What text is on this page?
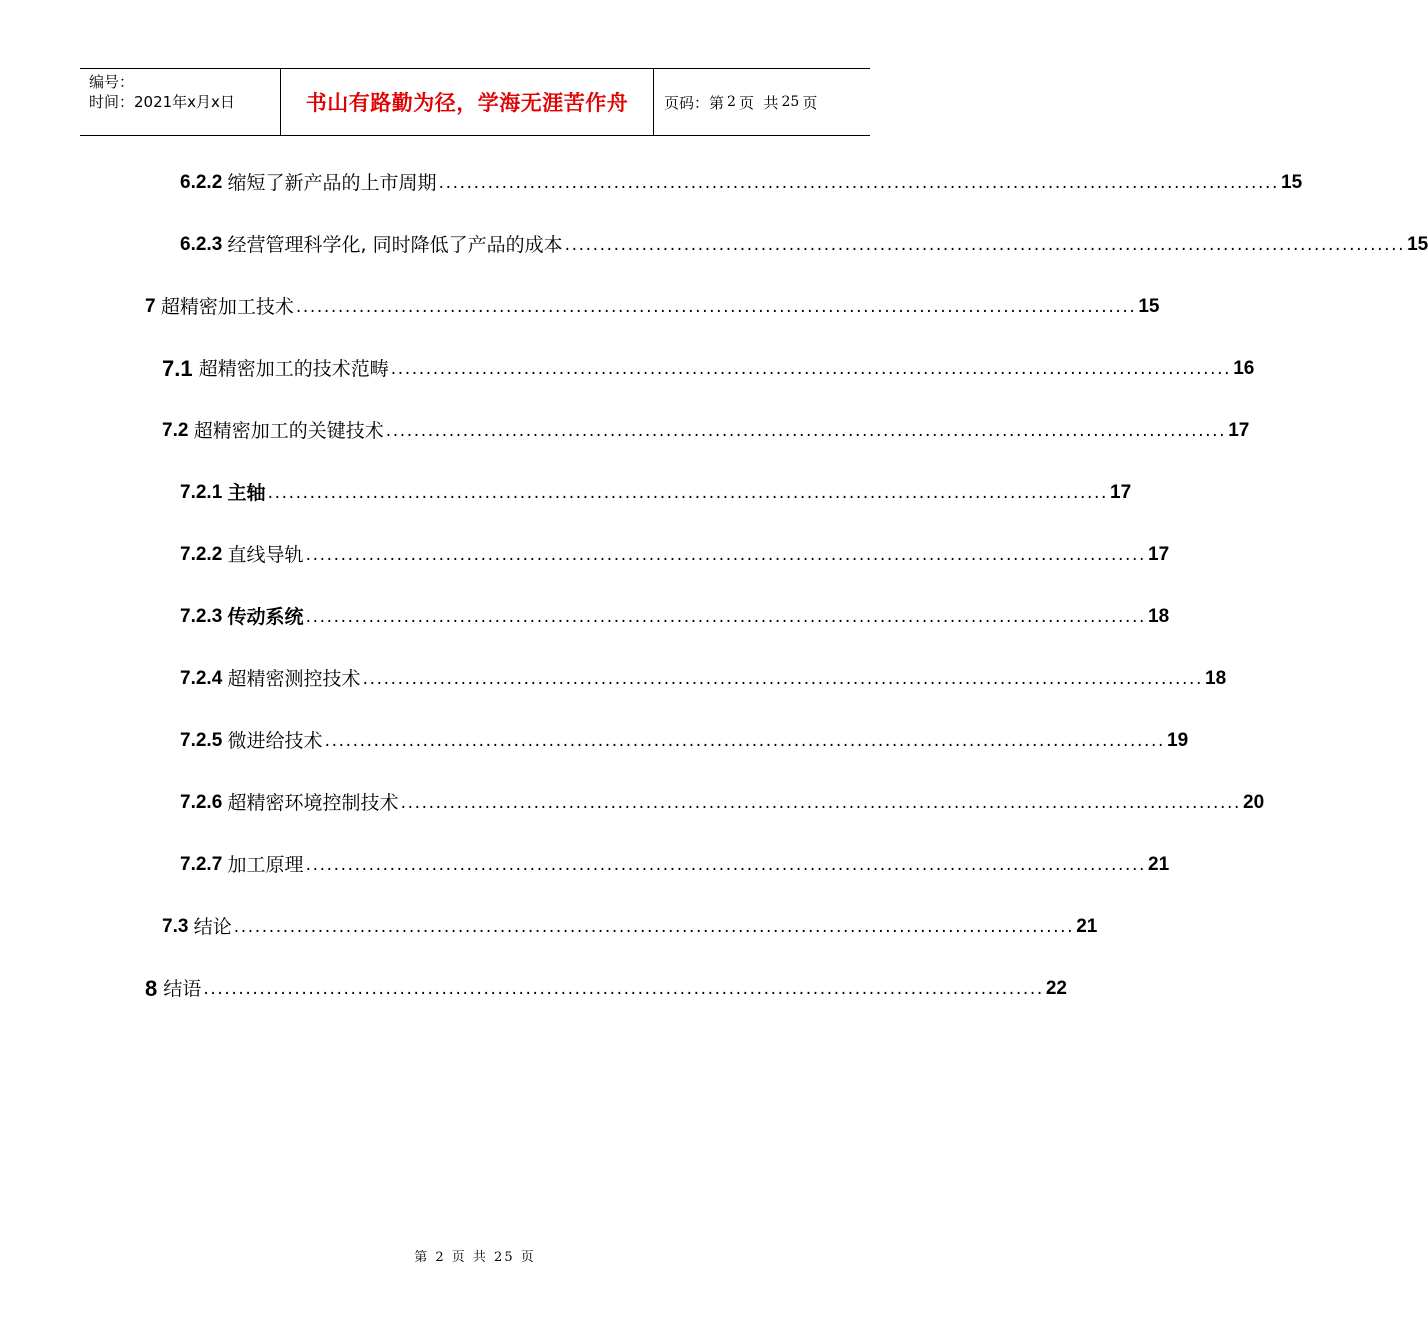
编号：
时间：2021年x月x日	书山有路勤为径，学海无涯苦作舟 页码：第 2 页  共 25 页
6.2.2 缩短了新产品的上市周期 ........................................................................................................................ 15
6.2.3 经营管理科学化, 同时降低了产品的成本 ........................................................................................................................ 15
7 超精密加工技术 ........................................................................................................................ 15
7.1 超精密加工的技术范畴 ........................................................................................................................ 16
7.2 超精密加工的关键技术 ........................................................................................................................ 17
7.2.1 主轴 ........................................................................................................................ 17
7.2.2 直线导轨 ........................................................................................................................ 17
7.2.3 传动系统 ........................................................................................................................ 18
7.2.4 超精密测控技术 ........................................................................................................................ 18
7.2.5 微进给技术 ........................................................................................................................ 19
7.2.6 超精密环境控制技术 ........................................................................................................................ 20
7.2.7 加工原理 ........................................................................................................................ 21
7.3 结论 ........................................................................................................................ 21
8 结语 ........................................................................................................................ 22
第 2 页 共 25 页
